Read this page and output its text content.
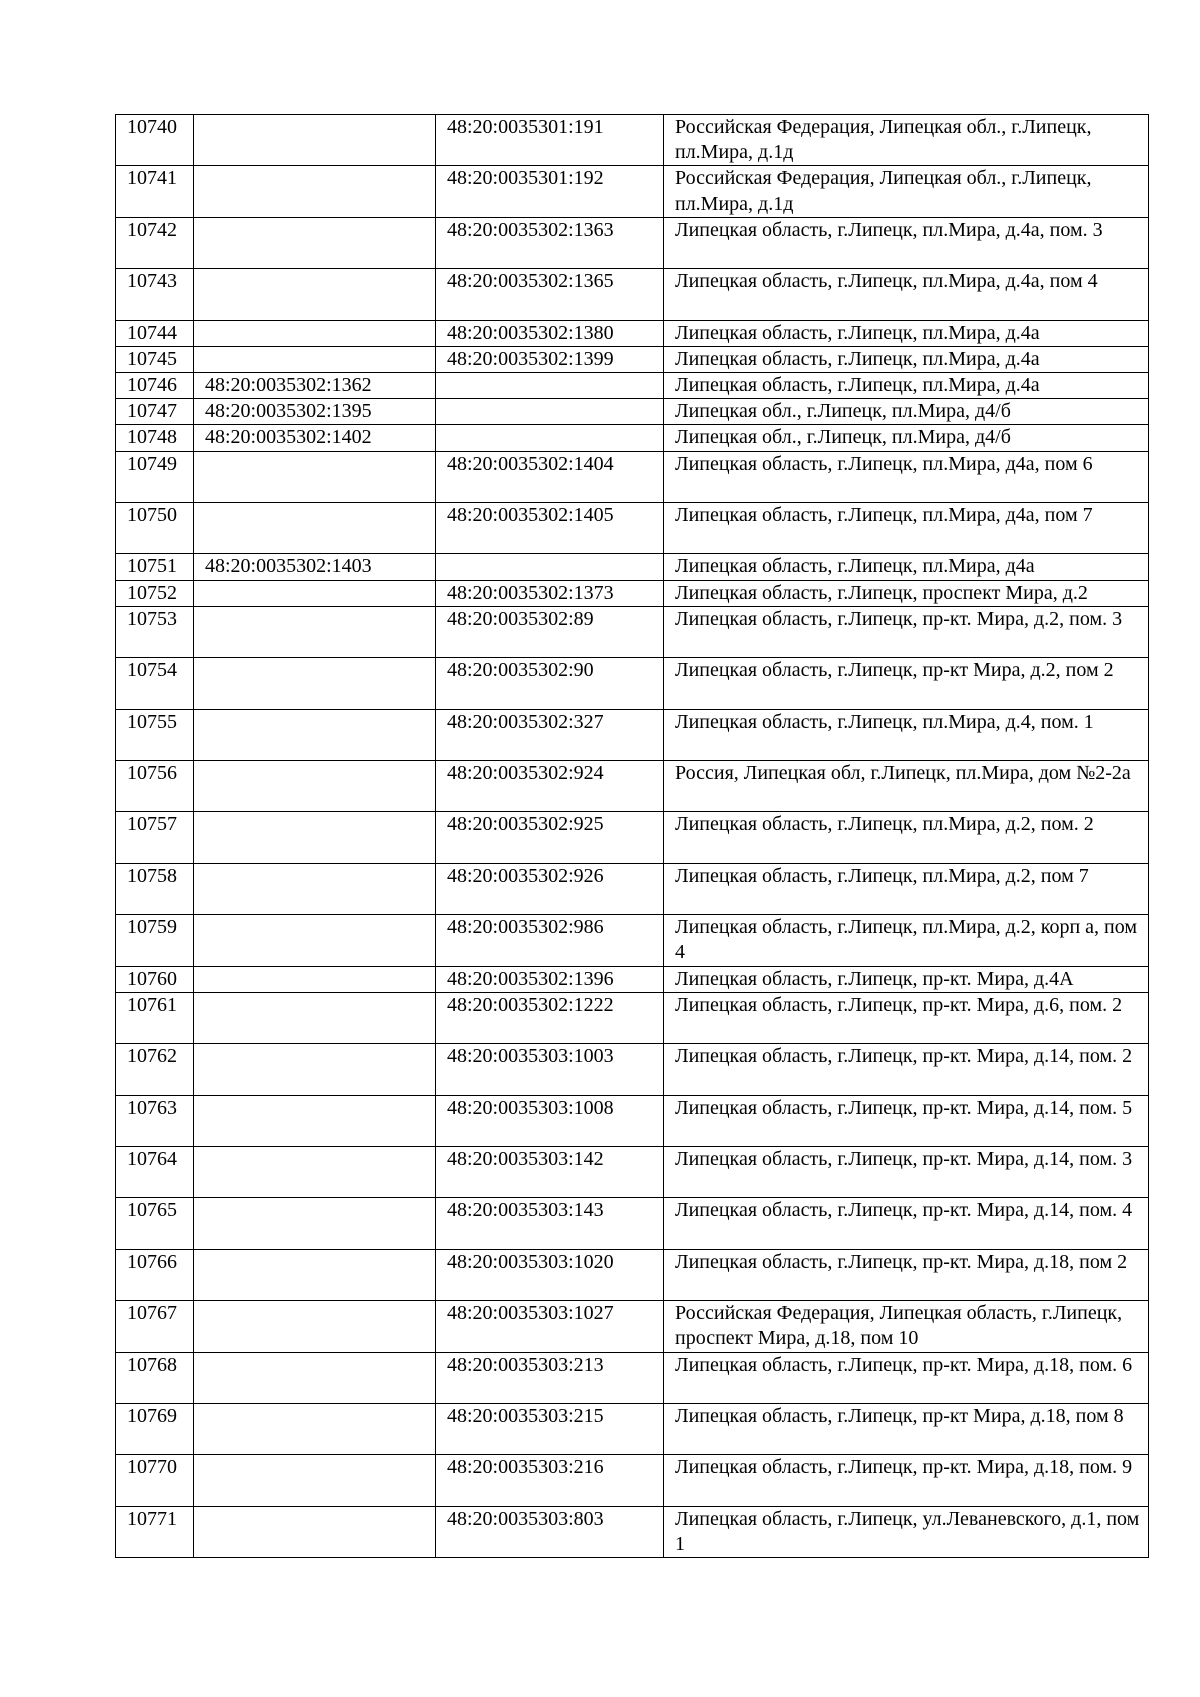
10740		48:20:0035301:191	Российская Федерация, Липецкая обл., г.Липецк, пл.Мира, д.1д
10741		48:20:0035301:192	Российская Федерация, Липецкая обл., г.Липецк, пл.Мира, д.1д
10742		48:20:0035302:1363	Липецкая область, г.Липецк, пл.Мира, д.4а, пом. 3
10743		48:20:0035302:1365	Липецкая область, г.Липецк, пл.Мира, д.4а, пом 4
10744		48:20:0035302:1380	Липецкая область, г.Липецк, пл.Мира, д.4а
10745		48:20:0035302:1399	Липецкая область, г.Липецк, пл.Мира, д.4а
10746	48:20:0035302:1362		Липецкая область, г.Липецк, пл.Мира, д.4а
10747	48:20:0035302:1395		Липецкая обл., г.Липецк, пл.Мира, д4/б
10748	48:20:0035302:1402		Липецкая обл., г.Липецк, пл.Мира, д4/б
10749		48:20:0035302:1404	Липецкая область, г.Липецк, пл.Мира, д4а, пом 6
10750		48:20:0035302:1405	Липецкая область, г.Липецк, пл.Мира, д4а, пом 7
10751	48:20:0035302:1403		Липецкая область, г.Липецк, пл.Мира, д4а
10752		48:20:0035302:1373	Липецкая область, г.Липецк, проспект Мира, д.2
10753		48:20:0035302:89	Липецкая область, г.Липецк, пр-кт. Мира, д.2, пом. 3
10754		48:20:0035302:90	Липецкая область, г.Липецк, пр-кт Мира, д.2, пом 2
10755		48:20:0035302:327	Липецкая область, г.Липецк, пл.Мира, д.4, пом. 1
10756		48:20:0035302:924	Россия, Липецкая обл, г.Липецк, пл.Мира, дом №2-2а
10757		48:20:0035302:925	Липецкая область, г.Липецк, пл.Мира, д.2, пом. 2
10758		48:20:0035302:926	Липецкая область, г.Липецк, пл.Мира, д.2, пом 7
10759		48:20:0035302:986	Липецкая область, г.Липецк, пл.Мира, д.2, корп а, пом 4
10760		48:20:0035302:1396	Липецкая область, г.Липецк, пр-кт. Мира, д.4А
10761		48:20:0035302:1222	Липецкая область, г.Липецк, пр-кт. Мира, д.6, пом. 2
10762		48:20:0035303:1003	Липецкая область, г.Липецк, пр-кт. Мира, д.14, пом. 2
10763		48:20:0035303:1008	Липецкая область, г.Липецк, пр-кт. Мира, д.14, пом. 5
10764		48:20:0035303:142	Липецкая область, г.Липецк, пр-кт. Мира, д.14, пом. 3
10765		48:20:0035303:143	Липецкая область, г.Липецк, пр-кт. Мира, д.14, пом. 4
10766		48:20:0035303:1020	Липецкая область, г.Липецк, пр-кт. Мира, д.18, пом 2
10767		48:20:0035303:1027	Российская Федерация, Липецкая область, г.Липецк, проспект Мира, д.18, пом 10
10768		48:20:0035303:213	Липецкая область, г.Липецк, пр-кт. Мира, д.18, пом. 6
10769		48:20:0035303:215	Липецкая область, г.Липецк, пр-кт Мира, д.18, пом 8
10770		48:20:0035303:216	Липецкая область, г.Липецк, пр-кт. Мира, д.18, пом. 9
10771		48:20:0035303:803	Липецкая область, г.Липецк, ул.Леваневского, д.1, пом 1
